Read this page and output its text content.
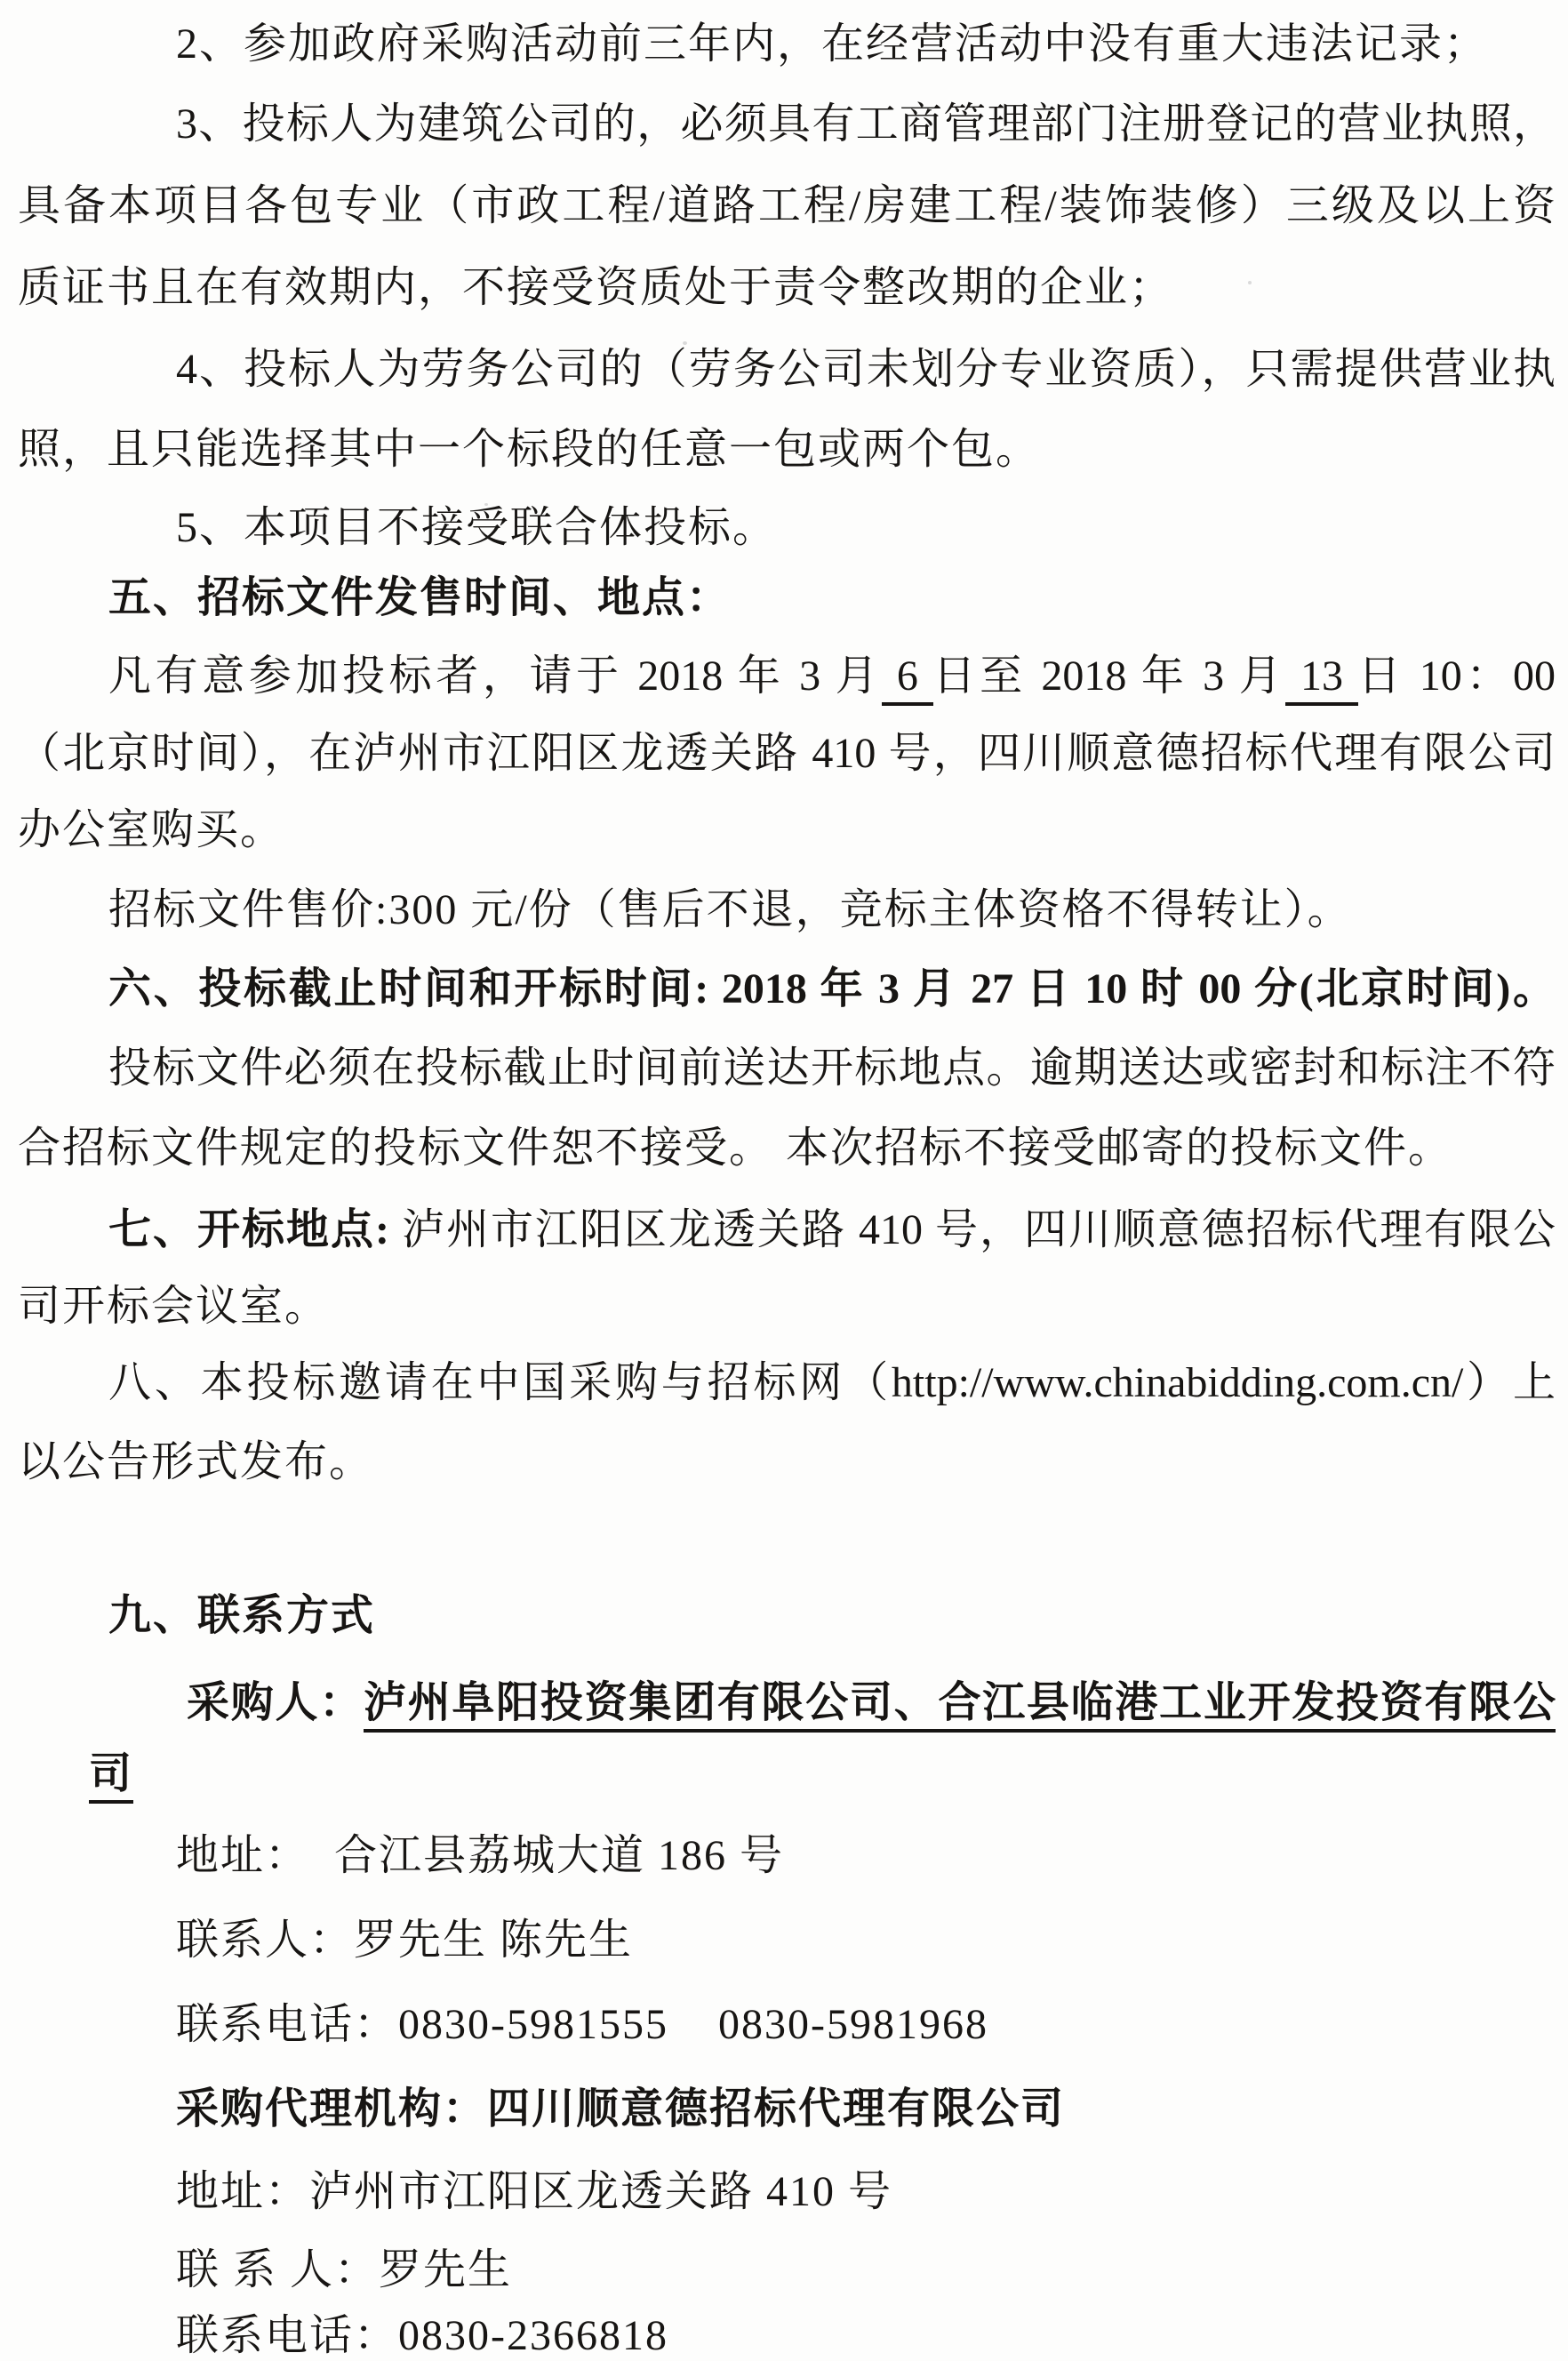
2、参加政府采购活动前三年内，在经营活动中没有重大违法记录；
3、投标人为建筑公司的，必须具有工商管理部门注册登记的营业执照，
具备本项目各包专业（市政工程/道路工程/房建工程/装饰装修）三级及以上资
质证书且在有效期内，不接受资质处于责令整改期的企业；
4、投标人为劳务公司的（劳务公司未划分专业资质），只需提供营业执
照，且只能选择其中一个标段的任意一包或两个包。
5、本项目不接受联合体投标。
五、招标文件发售时间、地点：
凡有意参加投标者，请于 2018 年 3 月 6 日至 2018 年 3 月 13 日 10：00
（北京时间），在泸州市江阳区龙透关路 410 号，四川顺意德招标代理有限公司
办公室购买。
招标文件售价:300 元/份（售后不退，竞标主体资格不得转让）。
六、投标截止时间和开标时间: 2018 年 3 月 27 日 10 时 00 分(北京时间)。
投标文件必须在投标截止时间前送达开标地点。逾期送达或密封和标注不符
合招标文件规定的投标文件恕不接受。 本次招标不接受邮寄的投标文件。
七、开标地点: 泸州市江阳区龙透关路 410 号，四川顺意德招标代理有限公
司开标会议室。
八、本投标邀请在中国采购与招标网（http://www.chinabidding.com.cn/）上
以公告形式发布。
九、联系方式
采购人：泸州阜阳投资集团有限公司、合江县临港工业开发投资有限公
司
地址：  合江县荔城大道 186 号
联系人：罗先生 陈先生
联系电话：0830-5981555    0830-5981968
采购代理机构：四川顺意德招标代理有限公司
地址：泸州市江阳区龙透关路 410 号
联 系 人：罗先生
联系电话：0830-2366818
